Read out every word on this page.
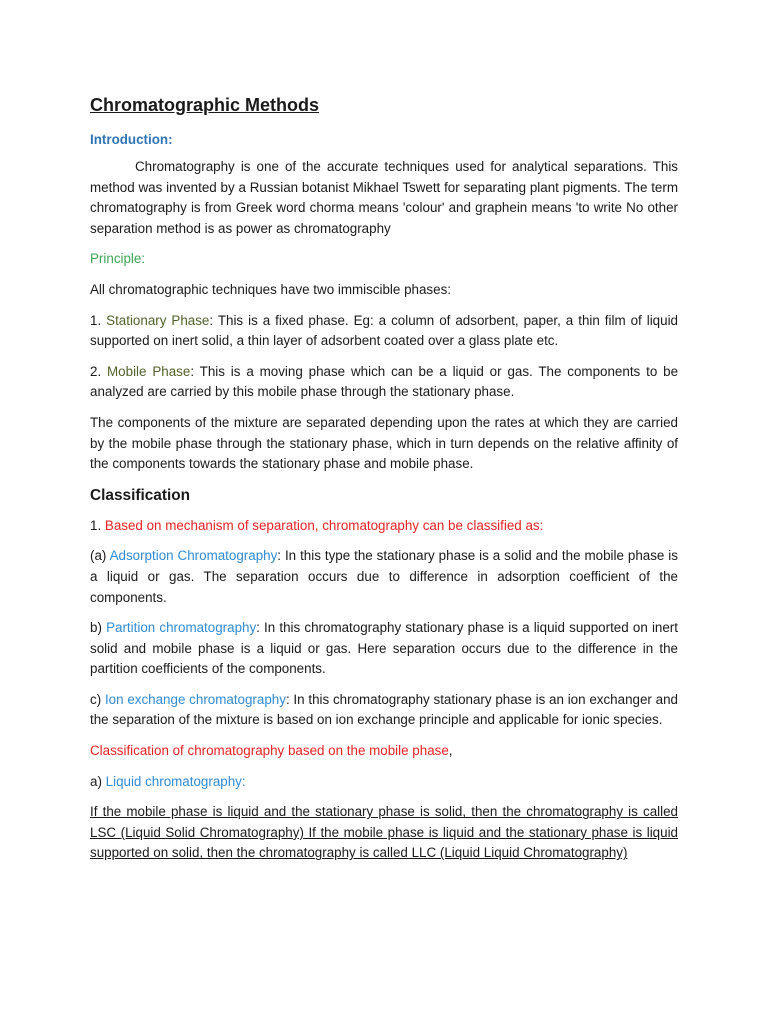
Chromatographic Methods
Introduction:

Chromatography is one of the accurate techniques used for analytical separations. This method was invented by a Russian botanist Mikhael Tswett for separating plant pigments. The term chromatography is from Greek word chorma means 'colour' and graphein means 'to write No other separation method is as power as chromatography

Principle:

All chromatographic techniques have two immiscible phases:

1. Stationary Phase: This is a fixed phase. Eg: a column of adsorbent, paper, a thin film of liquid supported on inert solid, a thin layer of adsorbent coated over a glass plate etc.

2. Mobile Phase: This is a moving phase which can be a liquid or gas. The components to be analyzed are carried by this mobile phase through the stationary phase.

The components of the mixture are separated depending upon the rates at which they are carried by the mobile phase through the stationary phase, which in turn depends on the relative affinity of the components towards the stationary phase and mobile phase.

Classification

1. Based on mechanism of separation, chromatography can be classified as:

(a) Adsorption Chromatography: In this type the stationary phase is a solid and the mobile phase is a liquid or gas. The separation occurs due to difference in adsorption coefficient of the components.

b) Partition chromatography: In this chromatography stationary phase is a liquid supported on inert solid and mobile phase is a liquid or gas. Here separation occurs due to the difference in the partition coefficients of the components.

c) Ion exchange chromatography: In this chromatography stationary phase is an ion exchanger and the separation of the mixture is based on ion exchange principle and applicable for ionic species.

Classification of chromatography based on the mobile phase,

a) Liquid chromatography:

If the mobile phase is liquid and the stationary phase is solid, then the chromatography is called LSC (Liquid Solid Chromatography) If the mobile phase is liquid and the stationary phase is liquid supported on solid, then the chromatography is called LLC (Liquid Liquid Chromatography)
